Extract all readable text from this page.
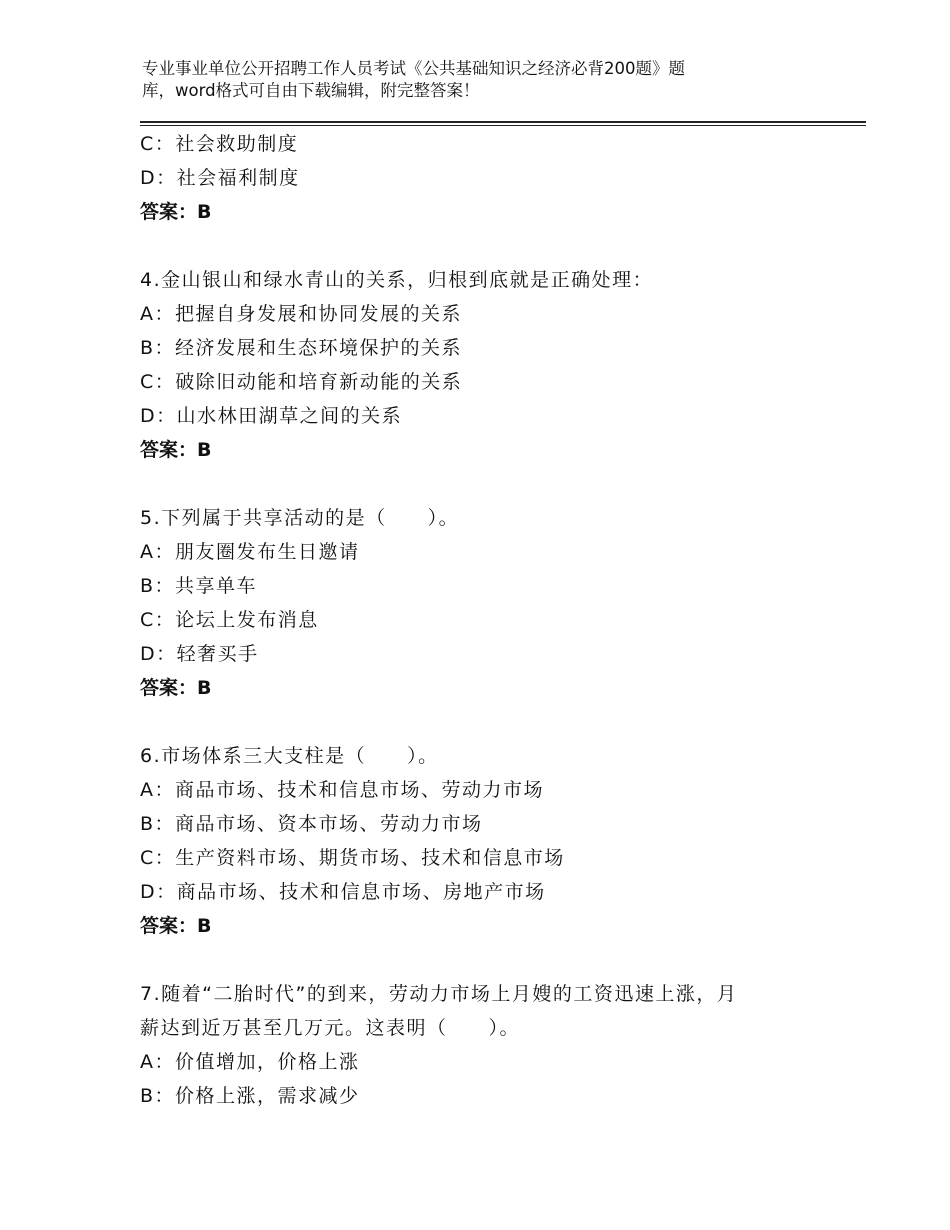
专业事业单位公开招聘工作人员考试《公共基础知识之经济必背200题》题
库，word格式可自由下载编辑，附完整答案！
C：社会救助制度
D：社会福利制度
答案：B
4.金山银山和绿水青山的关系，归根到底就是正确处理：
A：把握自身发展和协同发展的关系
B：经济发展和生态环境保护的关系
C：破除旧动能和培育新动能的关系
D：山水林田湖草之间的关系
答案：B
5.下列属于共享活动的是（　　）。
A：朋友圈发布生日邀请
B：共享单车
C：论坛上发布消息
D：轻奢买手
答案：B
6.市场体系三大支柱是（　　）。
A：商品市场、技术和信息市场、劳动力市场
B：商品市场、资本市场、劳动力市场
C：生产资料市场、期货市场、技术和信息市场
D：商品市场、技术和信息市场、房地产市场
答案：B
7.随着“二胎时代”的到来，劳动力市场上月嫂的工资迅速上涨，月
薪达到近万甚至几万元。这表明（　　）。
A：价值增加，价格上涨
B：价格上涨，需求减少
